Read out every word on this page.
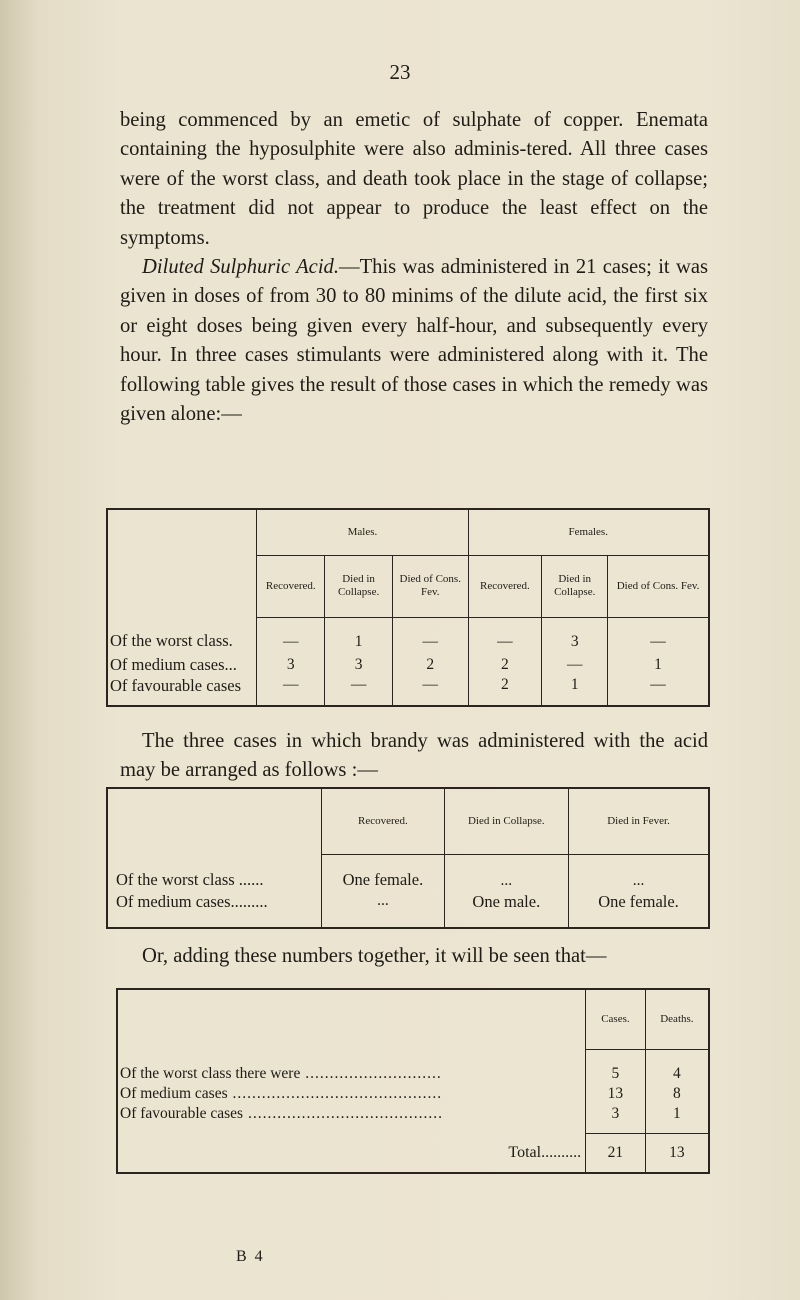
23

being commenced by an emetic of sulphate of copper. Enemata containing the hyposulphite were also adminis-tered. All three cases were of the worst class, and death took place in the stage of collapse; the treatment did not appear to produce the least effect on the symptoms.

Diluted Sulphuric Acid.—This was administered in 21 cases; it was given in doses of from 30 to 80 minims of the dilute acid, the first six or eight doses being given every half-hour, and subsequently every hour. In three cases stimulants were administered along with it. The following table gives the result of those cases in which the remedy was given alone:—

	Males.			Females.		
	Recovered.	Died in Collapse.	Died of Cons. Fev.	Recovered.	Died in Collapse.	Died of Cons. Fev.
Of the worst class.	—	1	—	—	3	—
Of medium cases...	3	3	2	2	—	1
Of favourable cases	—	—	—	2	1	—

The three cases in which brandy was administered with the acid may be arranged as follows :—

	Recovered.	Died in Collapse.	Died in Fever.
Of the worst class ......	One female.	...	...
Of medium cases.........	...	One male.	One female.

Or, adding these numbers together, it will be seen that—

	Cases.	Deaths.
Of the worst class there were ............................	5	4
Of medium cases ...........................................	13	8
Of favourable cases ........................................	3	1
Total..........	21	13
B 4
